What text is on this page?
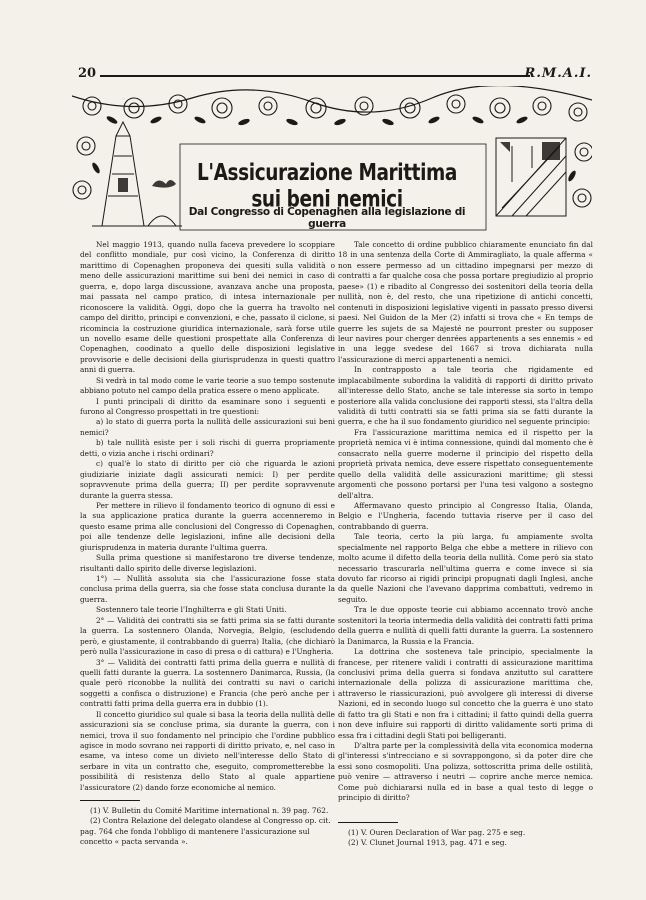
20	R.M.A.I.
L'Assicurazione Marittima sui beni nemici
Dal Congresso di Copenaghen alla legislazione di guerra

Nel maggio 1913, quando nulla faceva prevedere lo scoppiare del conflitto mondiale, pur così vicino, la Conferenza di diritto marittimo di Copenaghen proponeva dei quesiti sulla validità o meno delle assicurazioni marittime sui beni dei nemici in caso di guerra, e, dopo larga discussione, avanzava anche una proposta, mai passata nel campo pratico, di intesa internazionale per riconoscere la validità. Oggi, dopo che la guerra ha travolto nel campo del diritto, principi e convenzioni, e che, passato il ciclone, si ricomincia la costruzione giuridica internazionale, sarà forse utile un novello esame delle questioni prospettate alla Conferenza di Copenaghen, coodinato a quello delle disposizioni legislative provvisorie e delle decisioni della giurisprudenza in questi quattro anni di guerra.

Si vedrà in tal modo come le varie teorie a suo tempo sostenute abbiano potuto nel campo della pratica essere o meno applicate.

I punti principali di diritto da esaminare sono i seguenti e furono al Congresso prospettati in tre questioni:

a) lo stato di guerra porta la nullità delle assicurazioni sui beni nemici?

b) tale nullità esiste per i soli rischi di guerra propriamente detti, o vizia anche i rischi ordinari?

c) qual'è lo stato di diritto per ciò che riguarda le azioni giudiziarie iniziate dagli assicurati nemici: I) per perdite sopravvenute prima della guerra; II) per perdite sopravvenute durante la guerra stessa.

Per mettere in rilievo il fondamento teorico di ognuno di essi e la sua applicazione pratica durante la guerra accenneremo in questo esame prima alle conclusioni del Congresso di Copenaghen, poi alle tendenze delle legislazioni, infine alle decisioni della giurisprudenza in materia durante l'ultima guerra.

Sulla prima questione si manifestarono tre diverse tendenze, risultanti dallo spirito delle diverse legislazioni.

1°) — Nullità assoluta sia che l'assicurazione fosse stata conclusa prima della guerra, sia che fosse stata conclusa durante la guerra.

Sostennero tale teorie l'Inghilterra e gli Stati Uniti.

2° — Validità dei contratti sia se fatti prima sia se fatti durante la guerra. La sostennero Olanda, Norvegia, Belgio, (escludendo però, e giustamente, il contrabbando di guerra) Italia, (che dichiarò però nulla l'assicurazione in caso di presa o di cattura) e l'Ungheria.

3° — Validità dei contratti fatti prima della guerra e nullità di quelli fatti durante la guerra. La sostennero Danimarca, Russia, (la quale però riconobbe la nullità dei contratti su navi o carichi soggetti a confisca o distruzione) e Francia (che però anche per i contratti fatti prima della guerra era in dubbio (1).

Il concetto giuridico sul quale si basa la teoria della nullità delle assicurazioni sia se concluse prima, sia durante la guerra, con i nemici, trova il suo fondamento nel principio che l'ordine pubblico agisce in modo sovrano nei rapporti di diritto privato, e, nel caso in esame, va inteso come un divieto nell'interesse dello Stato di serbare in vita un contratto che, eseguito, comprometterebbe la possibilità di resistenza dello Stato al quale appartiene l'assicuratore (2) dando forze economiche al nemico.

(1) V. Bulletin du Comité Maritime international n. 39 pag. 762.

(2) Contra Relazione del delegato olandese al Congresso op. cit. pag. 764 che fonda l'obbligo di mantenere l'assicurazione sul concetto « pacta servanda ».

Tale concetto di ordine pubblico chiaramente enunciato fin dal 18 in una sentenza della Corte di Ammiragliato, la quale afferma « non essere permesso ad un cittadino impegnarsi per mezzo di contratti a far qualche cosa che possa portare pregiudizio al proprio paese» (1) e ribadito al Congresso dei sostenitori della teoria della nullità, non è, del resto, che una ripetizione di antichi concetti, contenuti in disposizioni legislative vigenti in passato presso diversi paesi. Nel Guidon de la Mer (2) infatti si trova che « En temps de guerre les sujets de sa Majesté ne pourront prester ou supposer leur navires pour cherger denrées appartenents a ses ennemis » ed in una legge svedese del 1667 si trova dichiarata nulla l'assicurazione di merci appartenenti a nemici.

In contrapposto a tale teoria che rigidamente ed implacabilmente subordina la validità di rapporti di diritto privato all'interesse dello Stato, anche se tale interesse sia sorto in tempo posteriore alla valida conclusione dei rapporti stessi, sta l'altra della validità di tutti contratti sia se fatti prima sia se fatti durante la guerra, e che ha il suo fondamento giuridico nel seguente principio:

Fra l'assicurazione marittima nemica ed il rispetto per la proprietà nemica vi è intima connessione, quindi dal momento che è consacrato nella guerre moderne il principio del rispetto della proprietà privata nemica, deve essere rispettato conseguentemente quello della validità delle assicurazioni marittime; gli stessi argomenti che possono portarsi per l'una tesi valgono a sostegno dell'altra.

Affermavano questo principio al Congresso Italia, Olanda, Belgio e l'Ungheria, facendo tuttavia riserve per il caso del contrabbando di guerra.

Tale teoria, certo la più larga, fu ampiamente svolta specialmente nel rapporto Belga che ebbe a mettere in rilievo con molto acume il difetto della teoria della nullità. Come però sia stato necessario trascurarla nell'ultima guerra e come invece si sia dovuto far ricorso ai rigidi principi propugnati dagli Inglesi, anche da quelle Nazioni che l'avevano dapprima combattuti, vedremo in seguito.

Tra le due opposte teorie cui abbiamo accennato trovò anche sostenitori la teoria intermedia della validità dei contratti fatti prima della guerra e nullità di quelli fatti durante la guerra. La sostennero la Danimarca, la Russia e la Francia.

La dottrina che sosteneva tale principio, specialmente la francese, per ritenere validi i contratti di assicurazione marittima conclusivi prima della guerra si fondava anzitutto sul carattere internazionale della polizza di assicurazione marittima che, attraverso le riassicurazioni, può avvolgere gli interessi di diverse Nazioni, ed in secondo luogo sul concetto che la guerra è uno stato di fatto tra gli Stati e non fra i cittadini; il fatto quindi della guerra non deve influire sui rapporti di diritto validamente sorti prima di essa fra i cittadini degli Stati poi belligeranti.

D'altra parte per la complessività della vita economica moderna gl'interessi s'intrecciano e si sovrappongono, sì da poter dire che essi sono cosmopoliti. Una polizza, sottoscritta prima delle ostilità, può venire — attraverso i neutri — coprire anche merce nemica. Come può dichiararsi nulla ed in base a qual testo di legge o principio di diritto?

(1) V. Ouren Declaration of War pag. 275 e seg.

(2) V. Clunet Journal 1913, pag. 471 e seg.
